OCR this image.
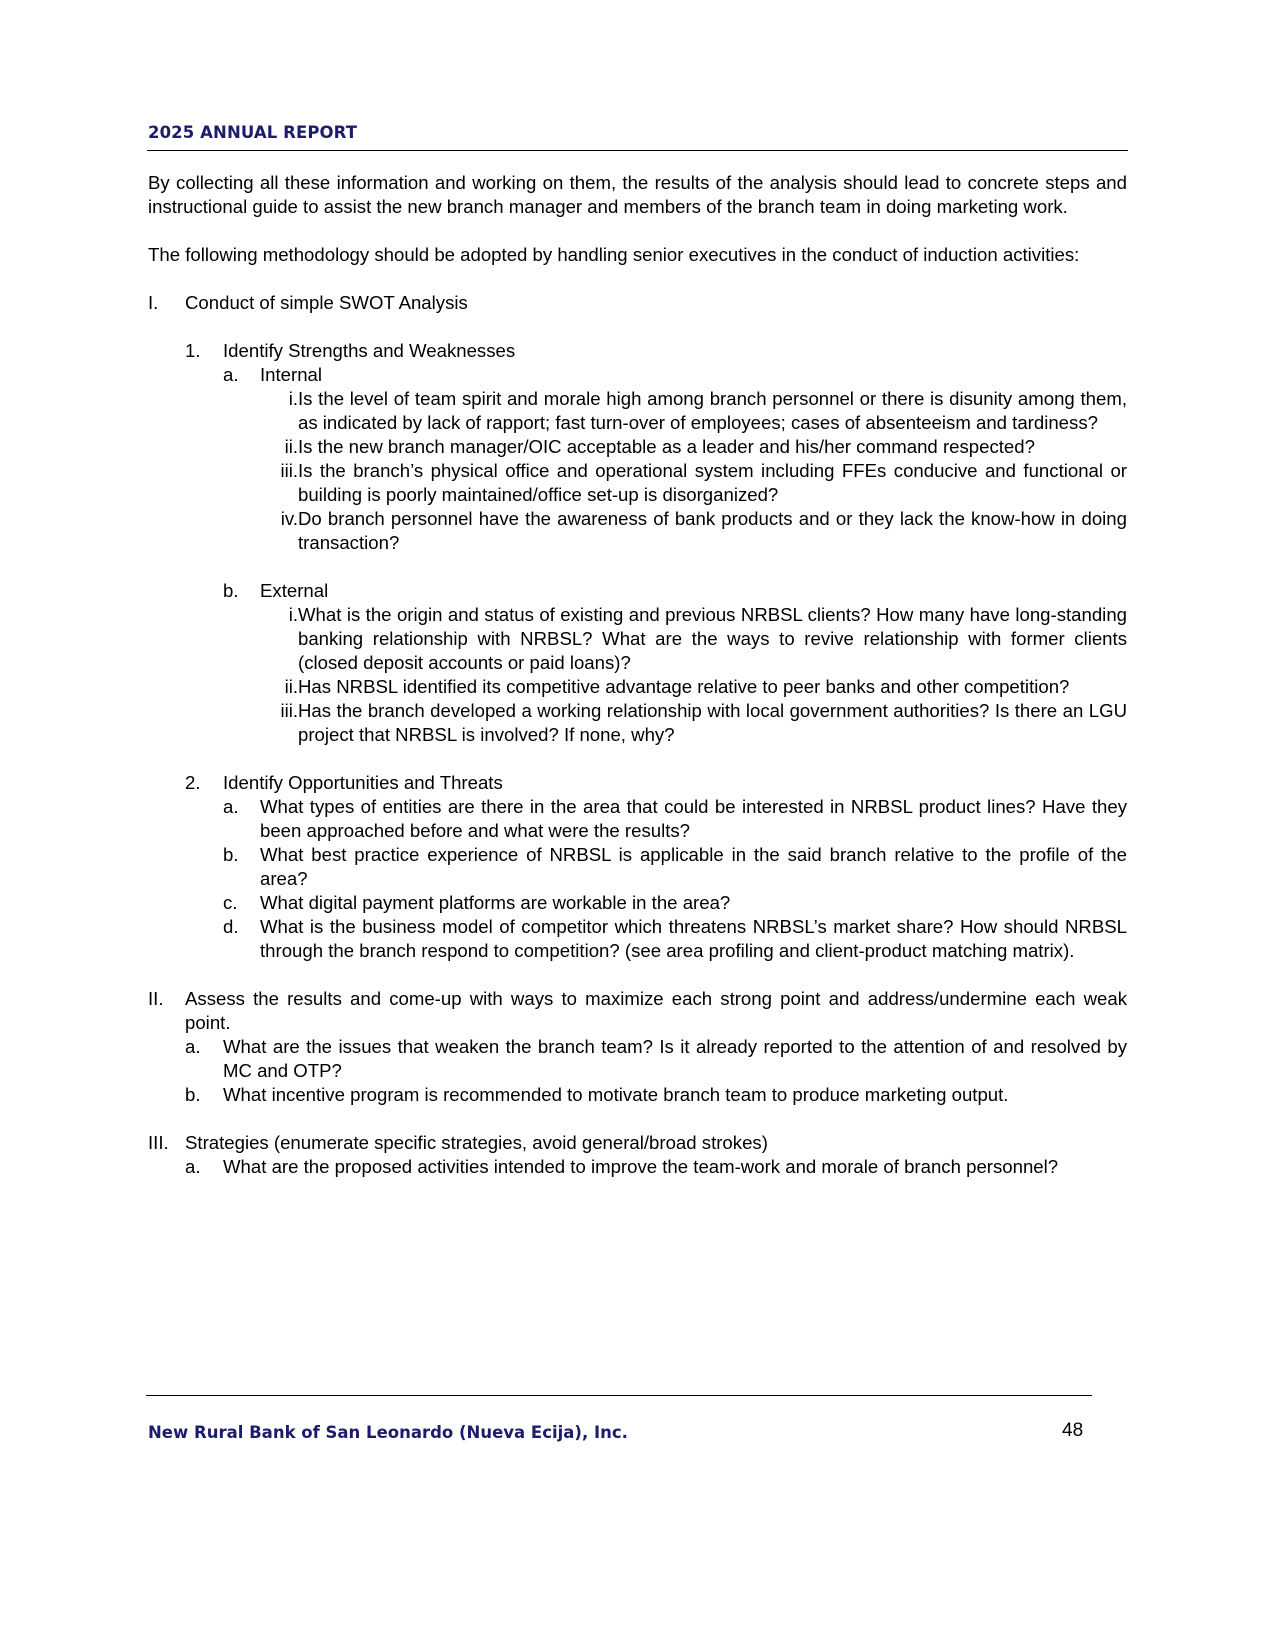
2025 ANNUAL REPORT

By collecting all these information and working on them, the results of the analysis should lead to concrete steps and instructional guide to assist the new branch manager and members of the branch team in doing marketing work.

The following methodology should be adopted by handling senior executives in the conduct of induction activities:

I.	Conduct of simple SWOT Analysis
1.	Identify Strengths and Weaknesses
a.	Internal
i. Is the level of team spirit and morale high among branch personnel or there is disunity among them, as indicated by lack of rapport; fast turn-over of employees; cases of absenteeism and tardiness?
ii. Is the new branch manager/OIC acceptable as a leader and his/her command respected?
iii. Is the branch’s physical office and operational system including FFEs conducive and functional or building is poorly maintained/office set-up is disorganized?
iv. Do branch personnel have the awareness of bank products and or they lack the know-how in doing transaction?
b.	External
i. What is the origin and status of existing and previous NRBSL clients? How many have long-standing banking relationship with NRBSL? What are the ways to revive relationship with former clients (closed deposit accounts or paid loans)?
ii. Has NRBSL identified its competitive advantage relative to peer banks and other competition?
iii. Has the branch developed a working relationship with local government authorities? Is there an LGU project that NRBSL is involved? If none, why?
2.	Identify Opportunities and Threats
a.	What types of entities are there in the area that could be interested in NRBSL product lines? Have they been approached before and what were the results?
b.	What best practice experience of NRBSL is applicable in the said branch relative to the profile of the area?
c.	What digital payment platforms are workable in the area?
d.	What is the business model of competitor which threatens NRBSL’s market share? How should NRBSL through the branch respond to competition? (see area profiling and client-product matching matrix).
II.	Assess the results and come-up with ways to maximize each strong point and address/undermine each weak point.
a.	What are the issues that weaken the branch team? Is it already reported to the attention of and resolved by MC and OTP?
b.	What incentive program is recommended to motivate branch team to produce marketing output.
III. Strategies (enumerate specific strategies, avoid general/broad strokes)
a.	What are the proposed activities intended to improve the team-work and morale of branch personnel?
New Rural Bank of San Leonardo (Nueva Ecija), Inc.	48
